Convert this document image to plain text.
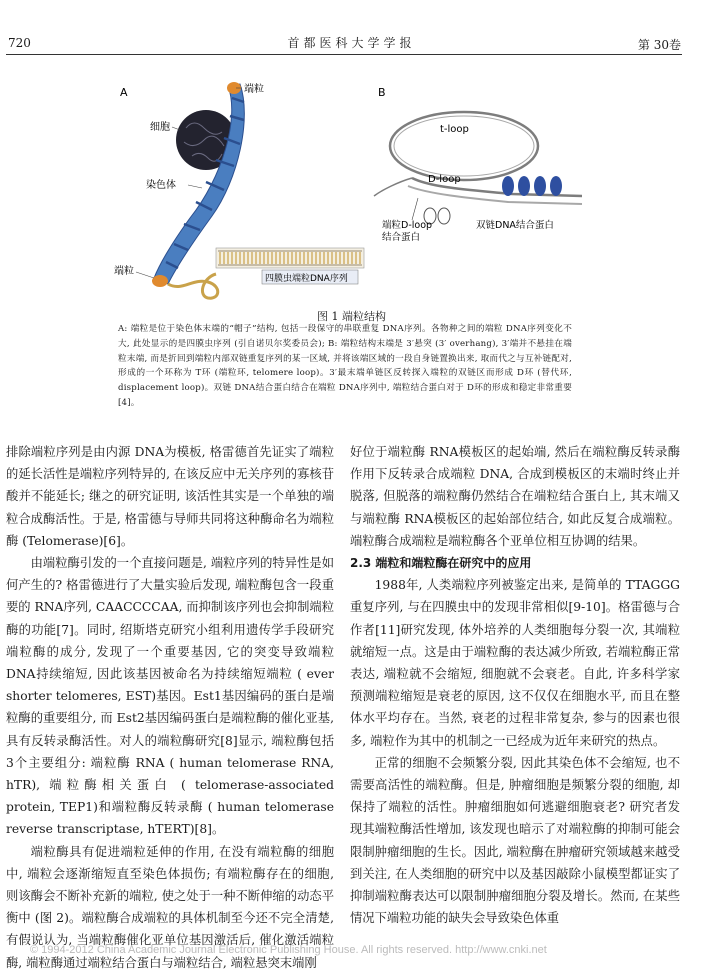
720	首都医科大学学报	第 30卷
A	端粒
细胞
染色体
端粒
四膜虫端粒DNA序列
B
t-loop
D-loop
端粒D-loop 结合蛋白
双链DNA结合蛋白
图 1 端粒结构
A: 端粒是位于染色体末端的“帽子”结构, 包括一段保守的串联重复 DNA序列。各物种之间的端粒 DNA序列变化不大, 此处显示的是四膜虫序列 (引自诺贝尔奖委员会); B: 端粒结构末端是 3′悬突 (3′ overhang), 3′端并不悬挂在端粒末端, 而是折回到端粒内部双链重复序列的某一区域, 并将该端区域的一段自身链置换出来, 取而代之与互补链配对, 形成的一个环称为 T环 (端粒环, telomere loop)。3′最末端单链区反转探入端粒的双链区而形成 D环 (替代环, displacement loop)。双链 DNA结合蛋白结合在端粒 DNA序列中, 端粒结合蛋白对于 D环的形成和稳定非常重要[4]。

排除端粒序列是由内源 DNA为模板, 格雷德首先证实了端粒的延长活性是端粒序列特异的, 在该反应中无关序列的寡核苷酸并不能延长; 继之的研究证明, 该活性其实是一个单独的端粒合成酶活性。于是, 格雷德与导师共同将这种酶命名为端粒酶 (Telomerase)[6]。

由端粒酶引发的一个直接问题是, 端粒序列的特异性是如何产生的? 格雷德进行了大量实验后发现, 端粒酶包含一段重要的 RNA序列, CAACCCCAA, 而抑制该序列也会抑制端粒酶的功能[7]。同时, 绍斯塔克研究小组利用遗传学手段研究端粒酶的成分, 发现了一个重要基因, 它的突变导致端粒 DNA持续缩短, 因此该基因被命名为持续缩短端粒 ( ever shorter telomeres, EST)基因。Est1基因编码的蛋白是端粒酶的重要组分, 而 Est2基因编码蛋白是端粒酶的催化亚基, 具有反转录酶活性。对人的端粒酶研究[8]显示, 端粒酶包括 3个主要组分: 端粒酶 RNA ( human telomerase RNA, hTR), 端粒酶相关蛋白 ( telomerase-associated protein, TEP1)和端粒酶反转录酶 ( human telomerase reverse transcriptase, hTERT)[8]。

端粒酶具有促进端粒延伸的作用, 在没有端粒酶的细胞中, 端粒会逐渐缩短直至染色体损伤; 有端粒酶存在的细胞, 则该酶会不断补充新的端粒, 使之处于一种不断伸缩的动态平衡中 (图 2)。端粒酶合成端粒的具体机制至今还不完全清楚, 有假说认为, 当端粒酶催化亚单位基因激活后, 催化激活端粒酶, 端粒酶通过端粒结合蛋白与端粒结合, 端粒悬突末端刚

好位于端粒酶 RNA模板区的起始端, 然后在端粒酶反转录酶作用下反转录合成端粒 DNA, 合成到模板区的末端时终止并脱落, 但脱落的端粒酶仍然结合在端粒结合蛋白上, 其末端又与端粒酶 RNA模板区的起始部位结合, 如此反复合成端粒。端粒酶合成端粒是端粒酶各个亚单位相互协调的结果。

2.3 端粒和端粒酶在研究中的应用

1988年, 人类端粒序列被鉴定出来, 是简单的 TTAGGG重复序列, 与在四膜虫中的发现非常相似[9-10]。格雷德与合作者[11]研究发现, 体外培养的人类细胞每分裂一次, 其端粒就缩短一点。这是由于端粒酶的表达减少所致, 若端粒酶正常表达, 端粒就不会缩短, 细胞就不会衰老。自此, 许多科学家预测端粒缩短是衰老的原因, 这不仅仅在细胞水平, 而且在整体水平均存在。当然, 衰老的过程非常复杂, 参与的因素也很多, 端粒作为其中的机制之一已经成为近年来研究的热点。

正常的细胞不会频繁分裂, 因此其染色体不会缩短, 也不需要高活性的端粒酶。但是, 肿瘤细胞是频繁分裂的细胞, 却保持了端粒的活性。肿瘤细胞如何逃避细胞衰老? 研究者发现其端粒酶活性增加, 该发现也暗示了对端粒酶的抑制可能会限制肿瘤细胞的生长。因此, 端粒酶在肿瘤研究领域越来越受到关注, 在人类细胞的研究中以及基因敲除小鼠模型都证实了抑制端粒酶表达可以限制肿瘤细胞分裂及增长。然而, 在某些情况下端粒功能的缺失会导致染色体重

© 1994-2012 China Academic Journal Electronic Publishing House. All rights reserved. http://www.cnki.net
